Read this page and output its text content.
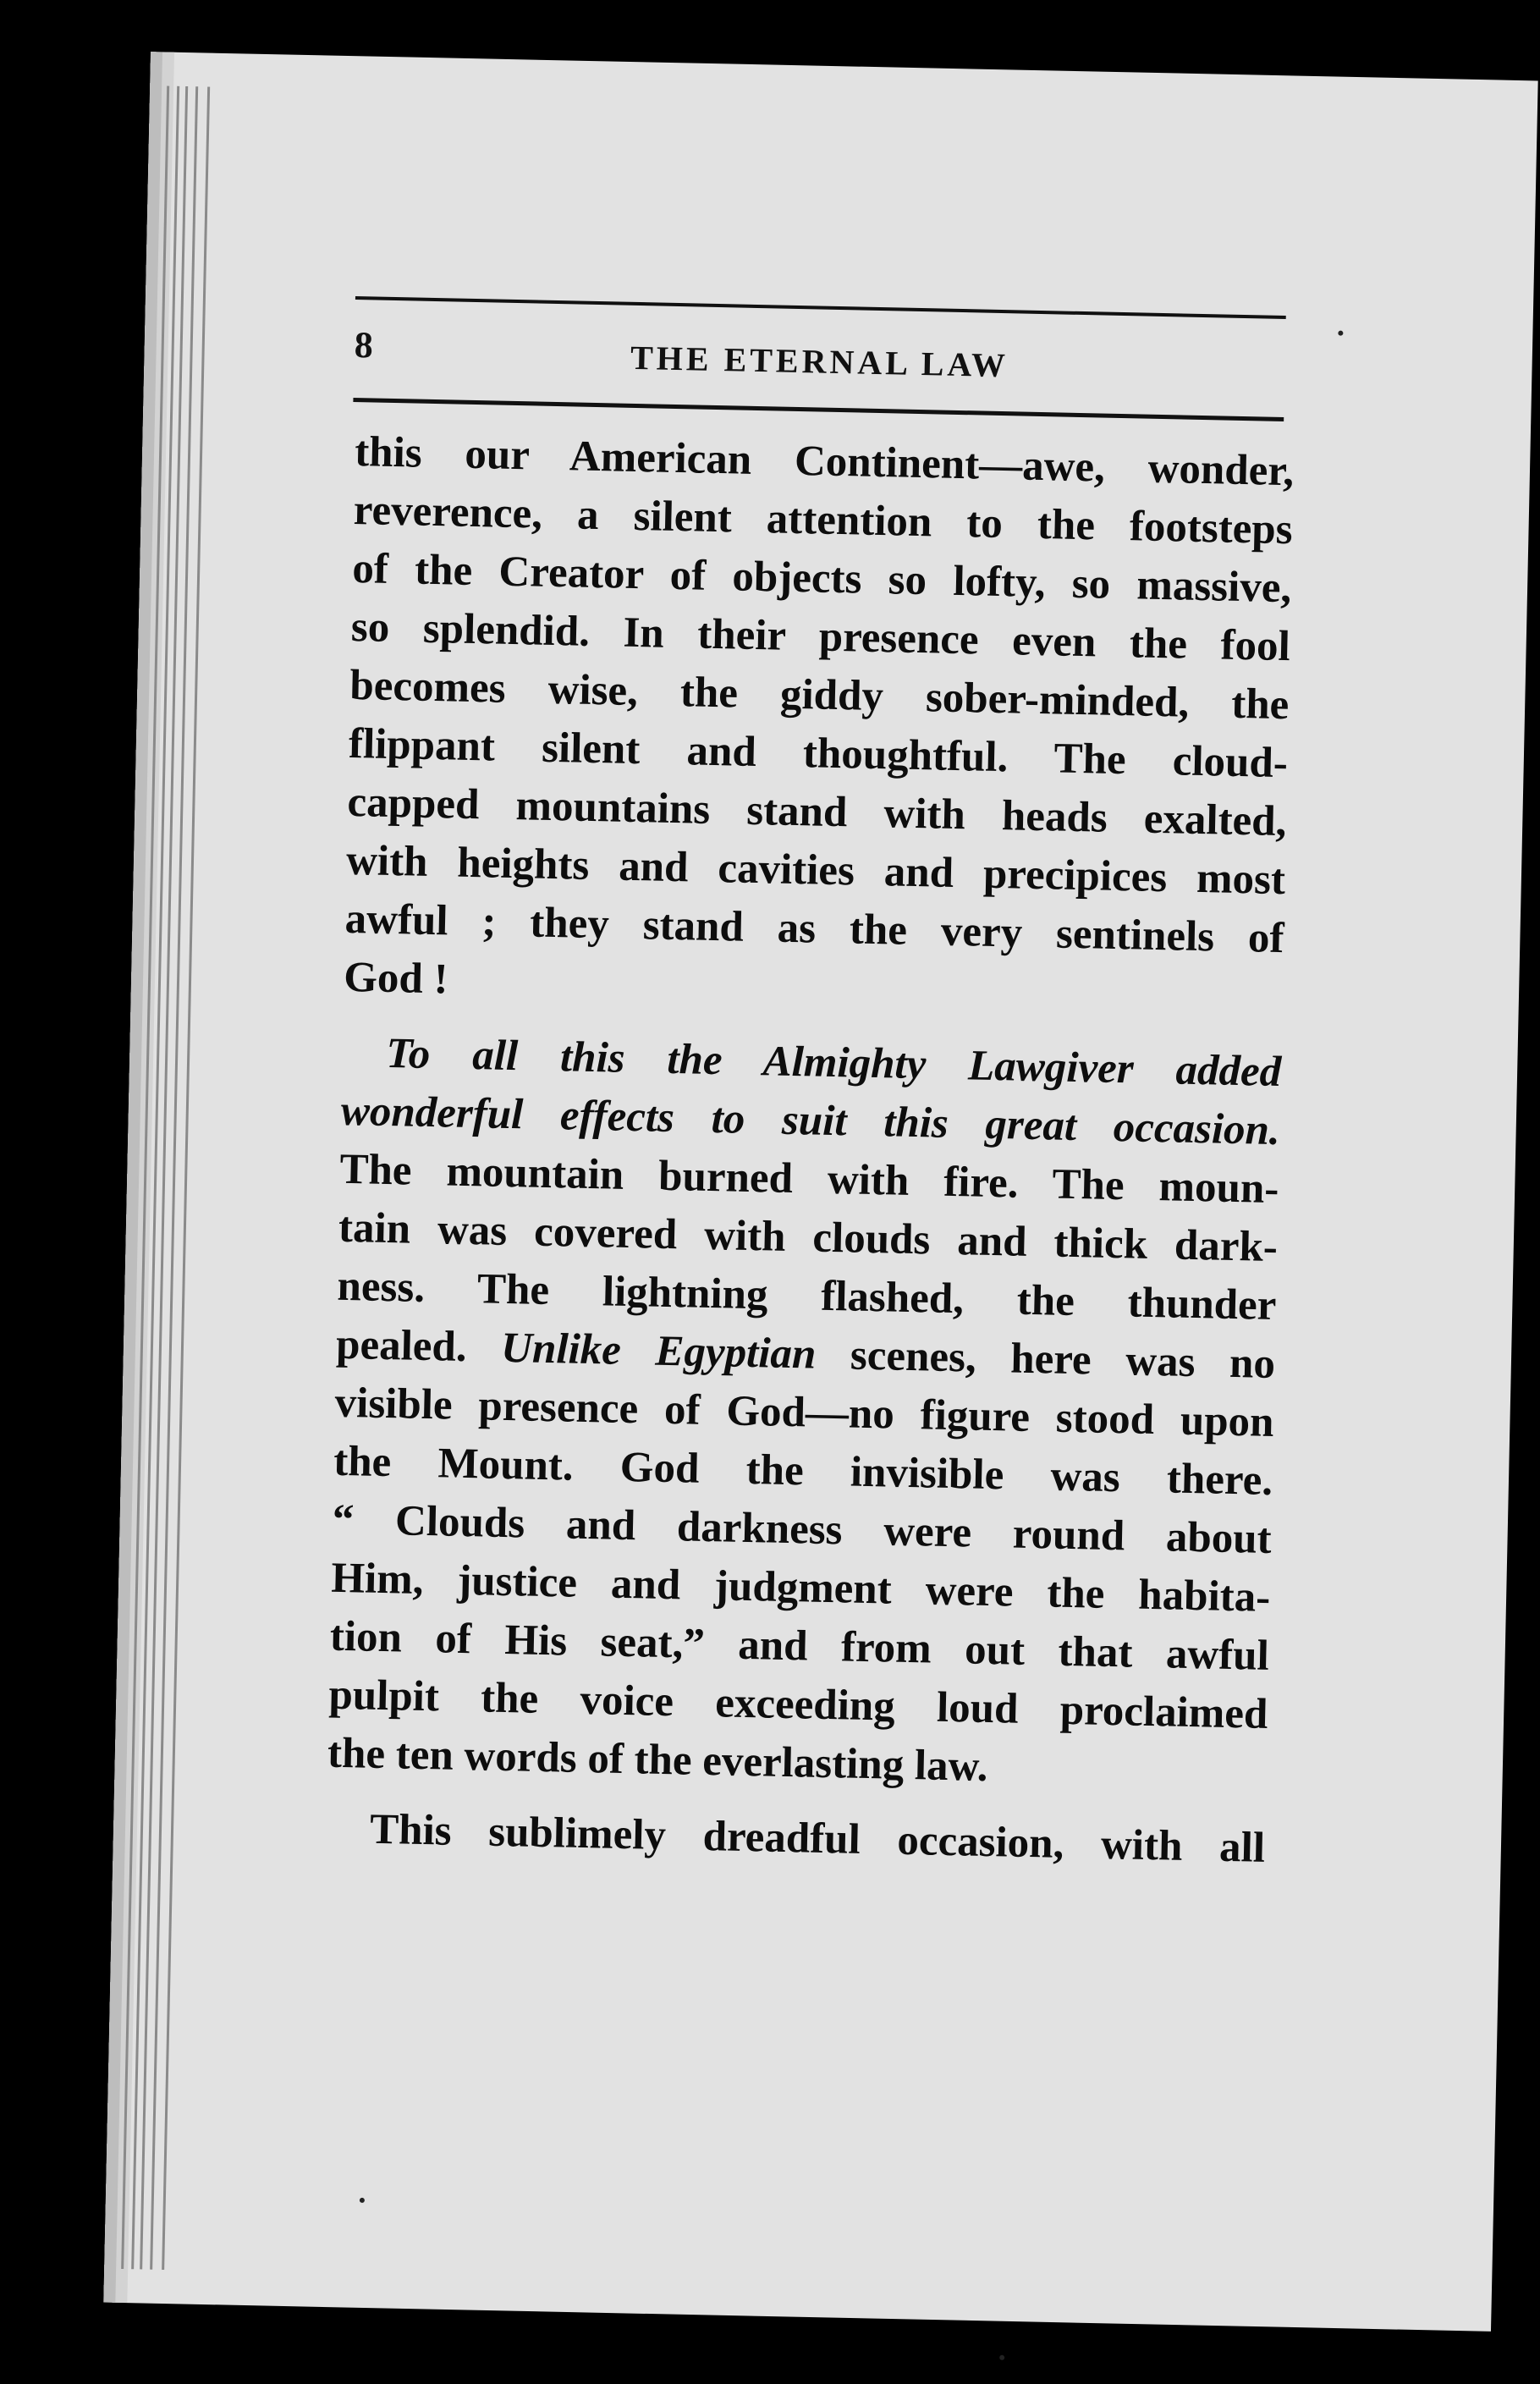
8	THE ETERNAL LAW
this our American Continent—awe, wonder,
reverence, a silent attention to the footsteps
of the Creator of objects so lofty, so massive,
so splendid. In their presence even the fool
becomes wise, the giddy sober-minded, the
flippant silent and thoughtful. The cloud-
capped mountains stand with heads exalted,
with heights and cavities and precipices most
awful ; they stand as the very sentinels of
God !
To all this the Almighty Lawgiver added
wonderful effects to suit this great occasion.
The mountain burned with fire. The moun-
tain was covered with clouds and thick dark-
ness. The lightning flashed, the thunder
pealed. Unlike Egyptian scenes, here was no
visible presence of God—no figure stood upon
the Mount. God the invisible was there.
“ Clouds and darkness were round about
Him, justice and judgment were the habita-
tion of His seat,” and from out that awful
pulpit the voice exceeding loud proclaimed
the ten words of the everlasting law.
This sublimely dreadful occasion, with all
